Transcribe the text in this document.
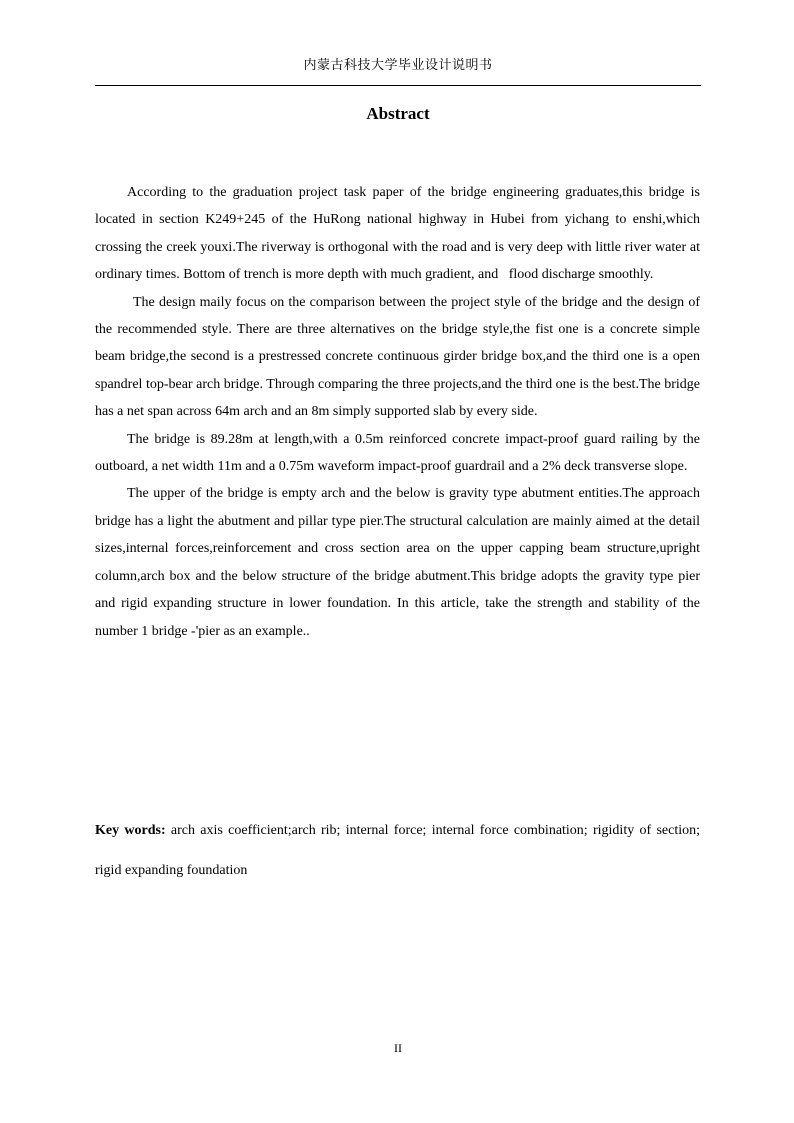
内蒙古科技大学毕业设计说明书
Abstract

According to the graduation project task paper of the bridge engineering graduates,this bridge is located in section K249+245 of the HuRong national highway in Hubei from yichang to enshi,which crossing the creek youxi.The riverway is orthogonal with the road and is very deep with little river water at ordinary times. Bottom of trench is more depth with much gradient, and   flood discharge smoothly.

The design maily focus on the comparison between the project style of the bridge and the design of the recommended style. There are three alternatives on the bridge style,the fist one is a concrete simple beam bridge,the second is a prestressed concrete continuous girder bridge box,and the third one is a open spandrel top-bear arch bridge. Through comparing the three projects,and the third one is the best.The bridge has a net span across 64m arch and an 8m simply supported slab by every side.

The bridge is 89.28m at length,with a 0.5m reinforced concrete impact-proof guard railing by the outboard, a net width 11m and a 0.75m waveform impact-proof guardrail and a 2% deck transverse slope.

The upper of the bridge is empty arch and the below is gravity type abutment entities.The approach bridge has a light the abutment and pillar type pier.The structural calculation are mainly aimed at the detail sizes,internal forces,reinforcement and cross section area on the upper capping beam structure,upright column,arch box and the below structure of the bridge abutment.This bridge adopts the gravity type pier and rigid expanding structure in lower foundation. In this article, take the strength and stability of the number 1 bridge -'pier as an example..

Key words: arch axis coefficient;arch rib; internal force; internal force combination; rigidity of section; rigid expanding foundation
II
